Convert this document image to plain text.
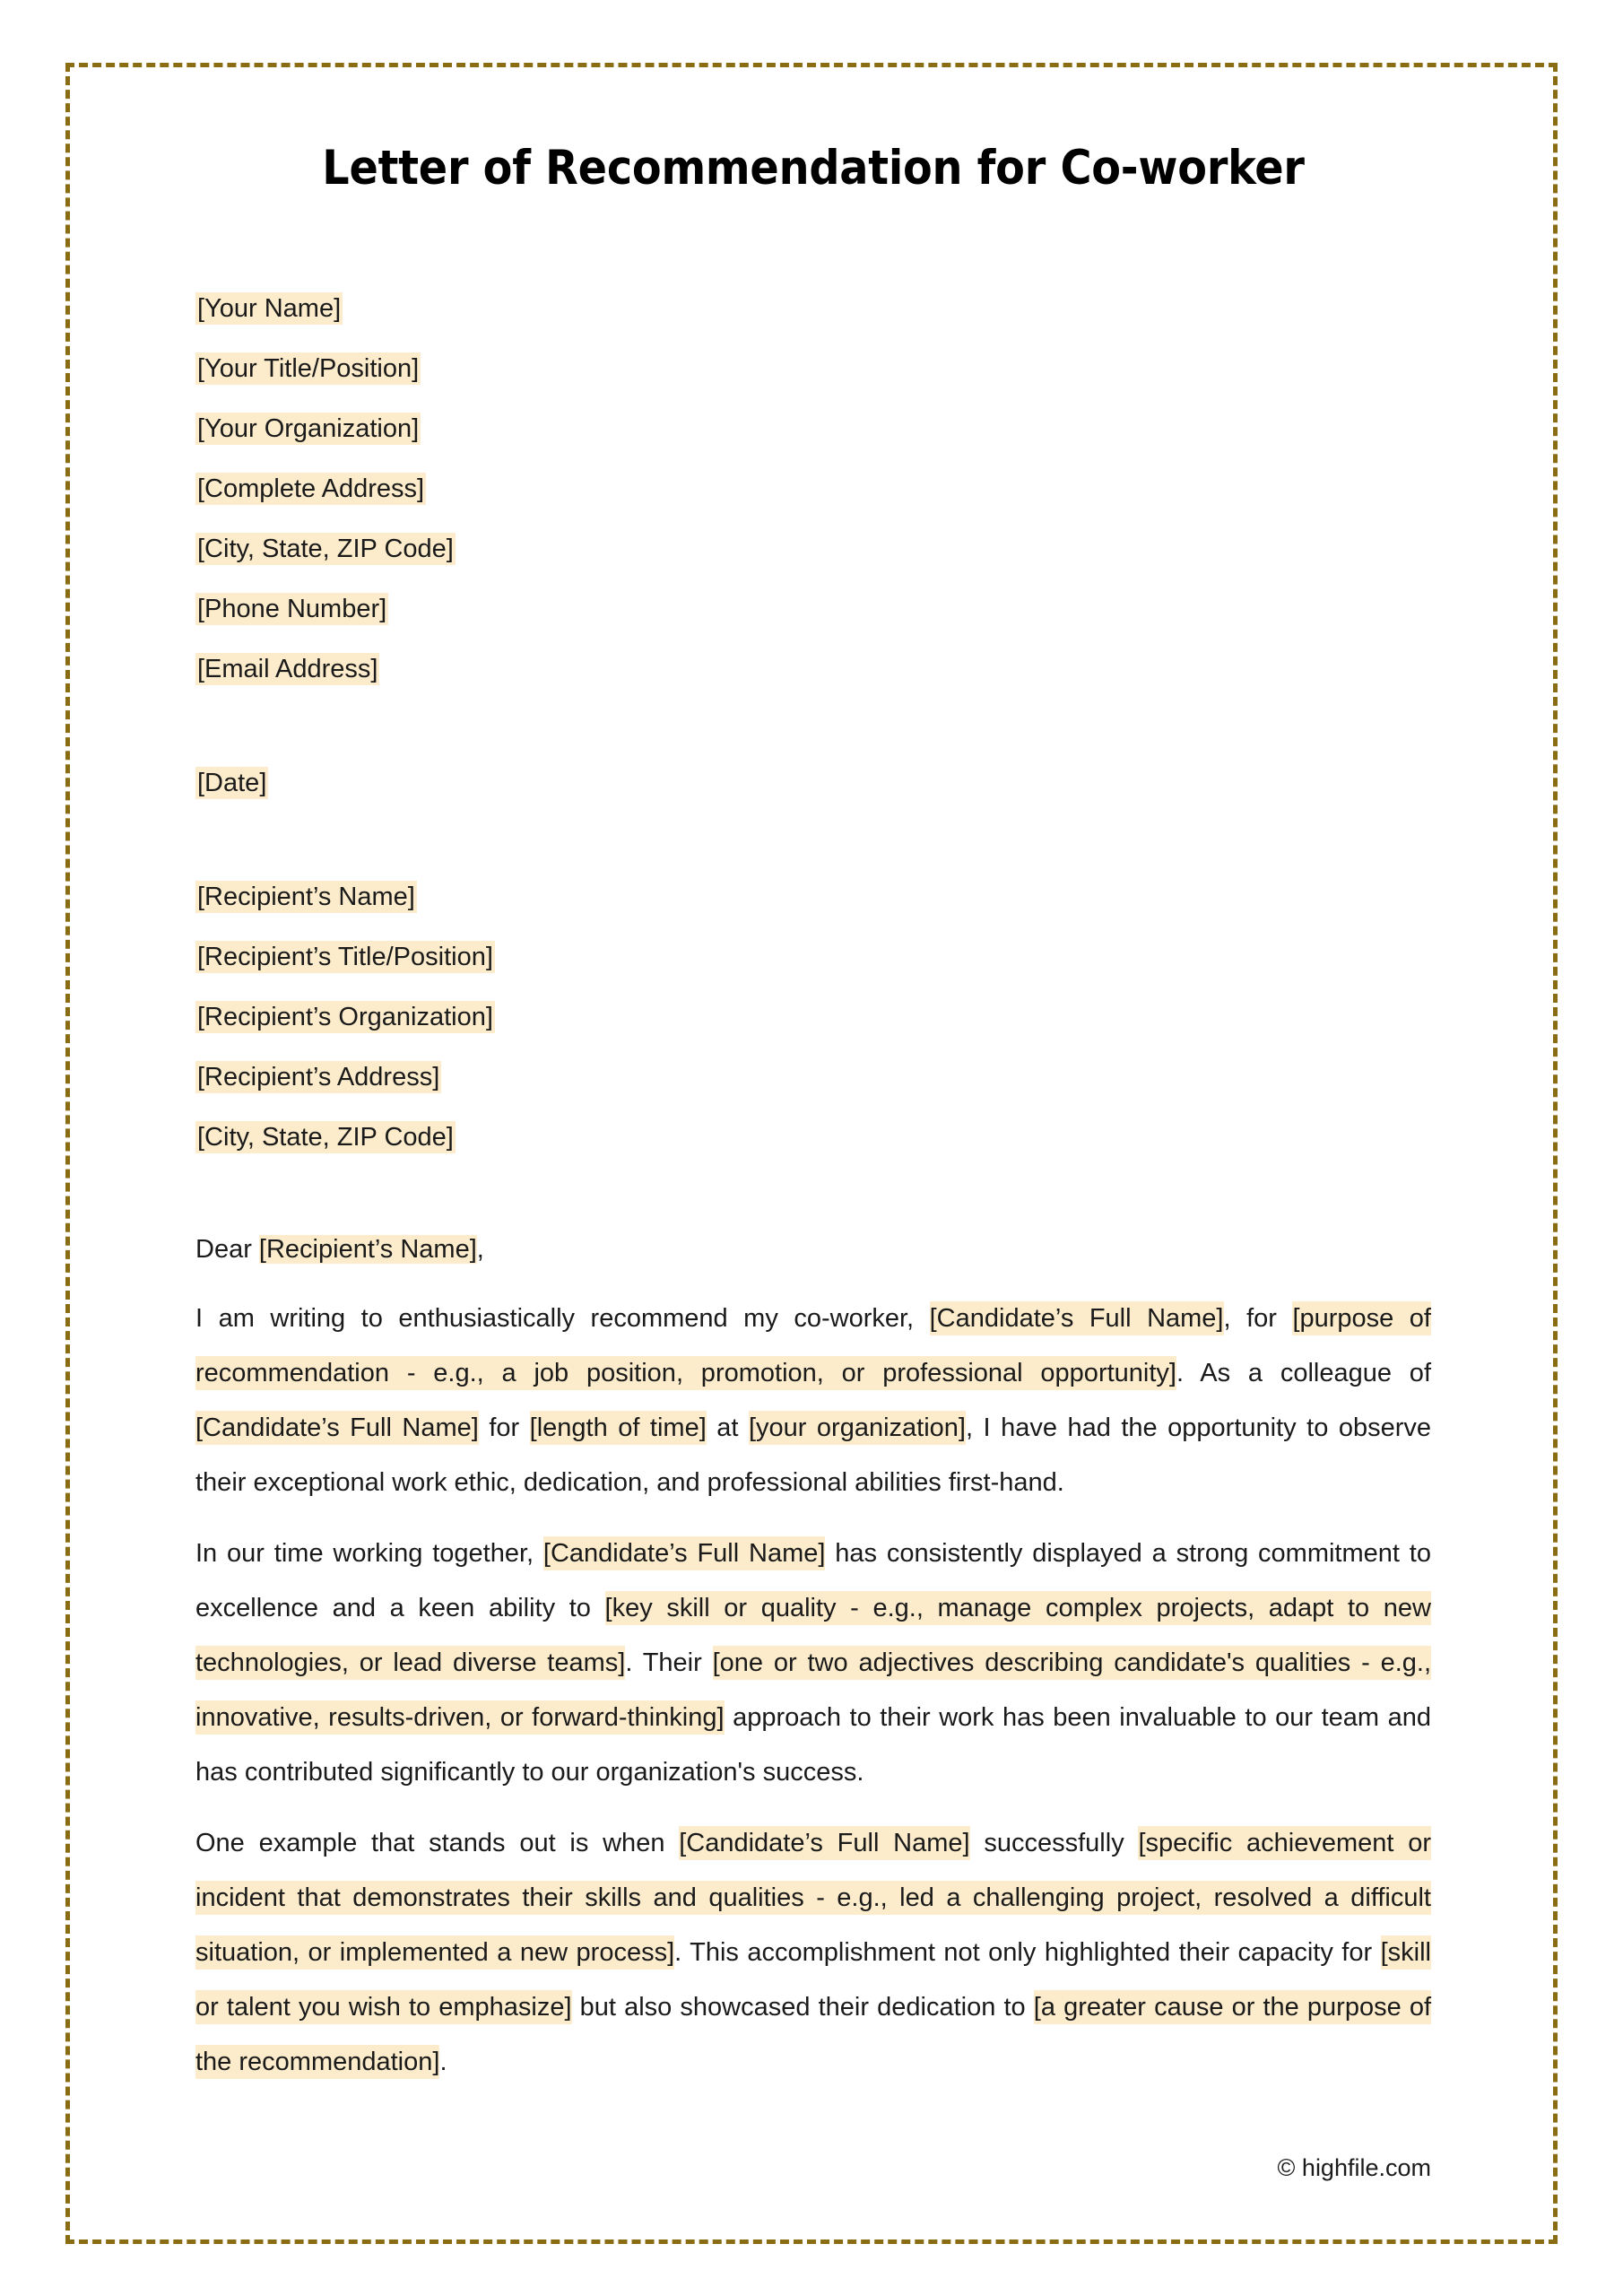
Letter of Recommendation for Co-worker
[Your Name]
[Your Title/Position]
[Your Organization]
[Complete Address]
[City, State, ZIP Code]
[Phone Number]
[Email Address]
[Date]
[Recipient’s Name]
[Recipient’s Title/Position]
[Recipient’s Organization]
[Recipient’s Address]
[City, State, ZIP Code]
Dear [Recipient’s Name],

I am writing to enthusiastically recommend my co-worker, [Candidate’s Full Name], for [purpose of recommendation - e.g., a job position, promotion, or professional opportunity]. As a colleague of [Candidate’s Full Name] for [length of time] at [your organization], I have had the opportunity to observe their exceptional work ethic, dedication, and professional abilities first-hand.

In our time working together, [Candidate’s Full Name] has consistently displayed a strong commitment to excellence and a keen ability to [key skill or quality - e.g., manage complex projects, adapt to new technologies, or lead diverse teams]. Their [one or two adjectives describing candidate's qualities - e.g., innovative, results-driven, or forward-thinking] approach to their work has been invaluable to our team and has contributed significantly to our organization's success.

One example that stands out is when [Candidate’s Full Name] successfully [specific achievement or incident that demonstrates their skills and qualities - e.g., led a challenging project, resolved a difficult situation, or implemented a new process]. This accomplishment not only highlighted their capacity for [skill or talent you wish to emphasize] but also showcased their dedication to [a greater cause or the purpose of the recommendation].

© highfile.com
